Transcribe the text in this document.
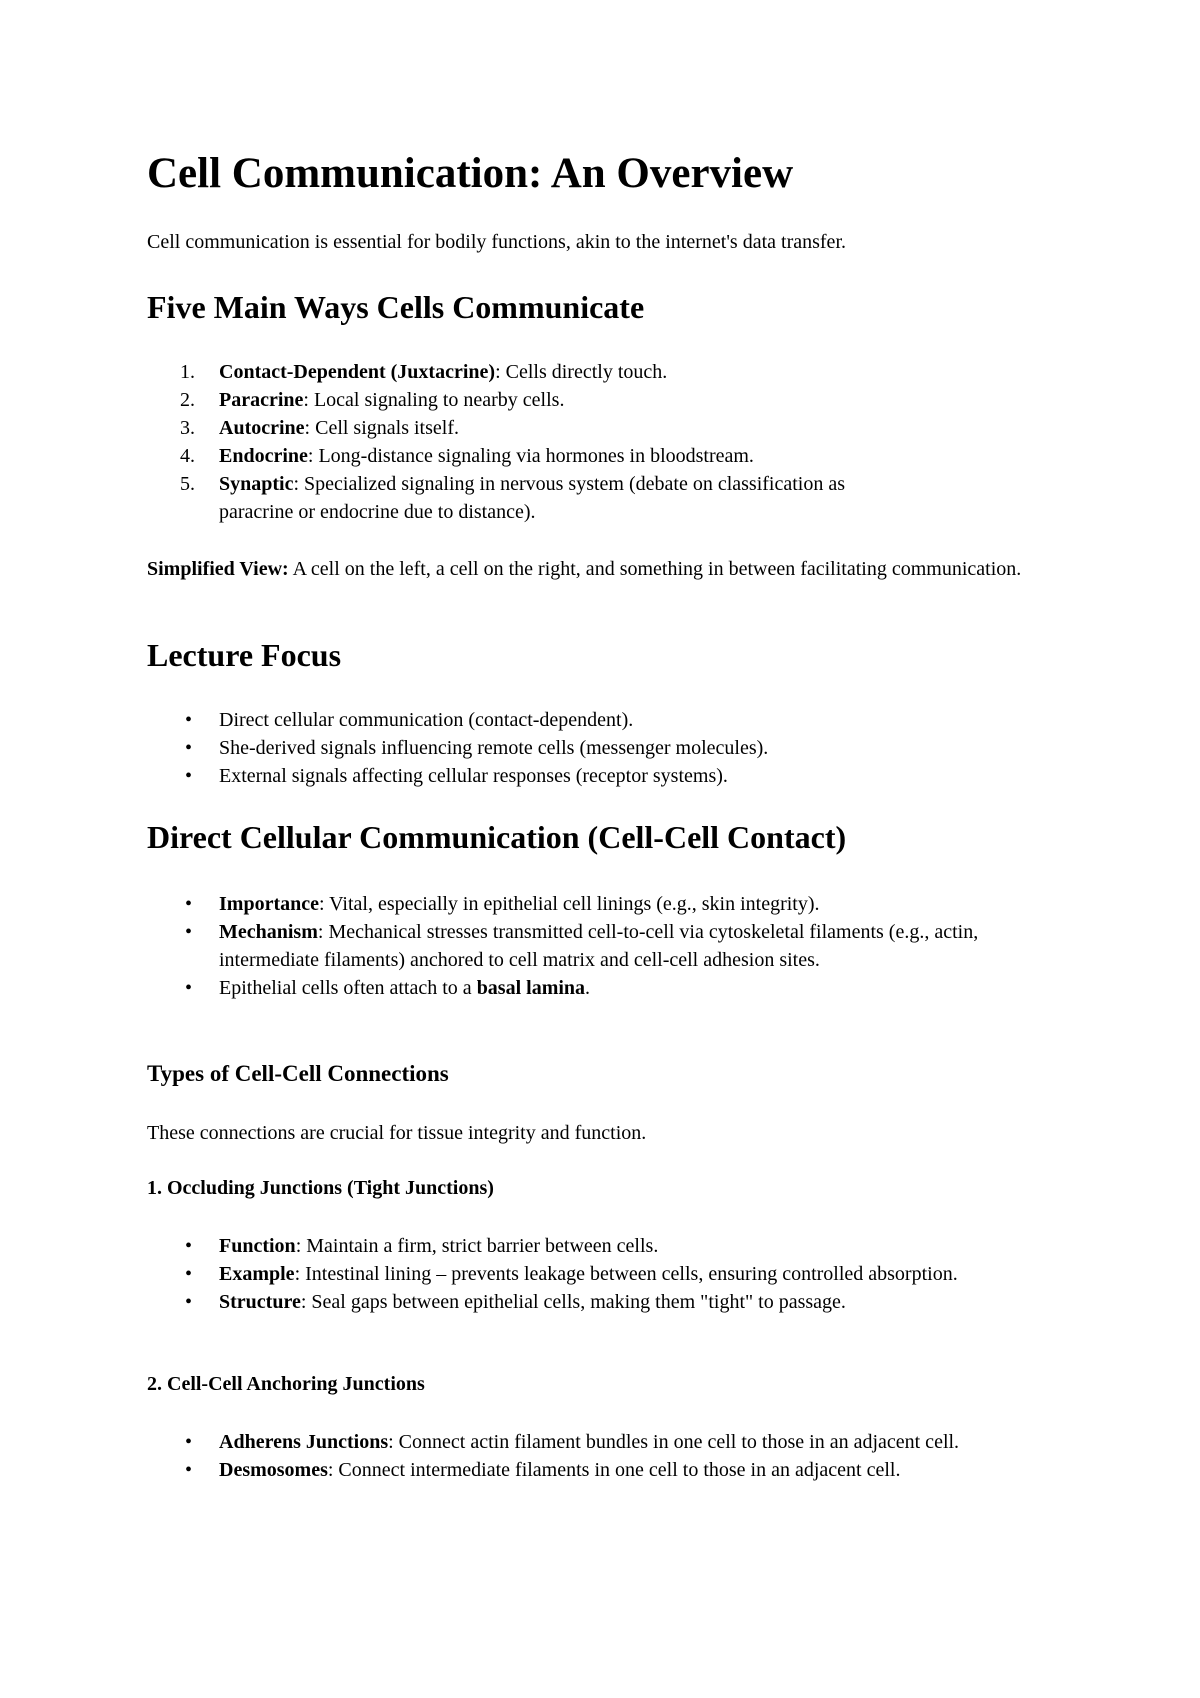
Cell Communication: An Overview

Cell communication is essential for bodily functions, akin to the internet's data transfer.

Five Main Ways Cells Communicate
1. Contact-Dependent (Juxtacrine): Cells directly touch.
2. Paracrine: Local signaling to nearby cells.
3. Autocrine: Cell signals itself.
4. Endocrine: Long-distance signaling via hormones in bloodstream.
5. Synaptic: Specialized signaling in nervous system (debate on classification as paracrine or endocrine due to distance).

Simplified View: A cell on the left, a cell on the right, and something in between facilitating communication.

Lecture Focus
• Direct cellular communication (contact-dependent).
• She-derived signals influencing remote cells (messenger molecules).
• External signals affecting cellular responses (receptor systems).
Direct Cellular Communication (Cell-Cell Contact)
• Importance: Vital, especially in epithelial cell linings (e.g., skin integrity).
• Mechanism: Mechanical stresses transmitted cell-to-cell via cytoskeletal filaments (e.g., actin, intermediate filaments) anchored to cell matrix and cell-cell adhesion sites.
• Epithelial cells often attach to a basal lamina.
Types of Cell-Cell Connections

These connections are crucial for tissue integrity and function.

1. Occluding Junctions (Tight Junctions)
• Function: Maintain a firm, strict barrier between cells.
• Example: Intestinal lining – prevents leakage between cells, ensuring controlled absorption.
• Structure: Seal gaps between epithelial cells, making them "tight" to passage.
2. Cell-Cell Anchoring Junctions
• Adherens Junctions: Connect actin filament bundles in one cell to those in an adjacent cell.
• Desmosomes: Connect intermediate filaments in one cell to those in an adjacent cell.
